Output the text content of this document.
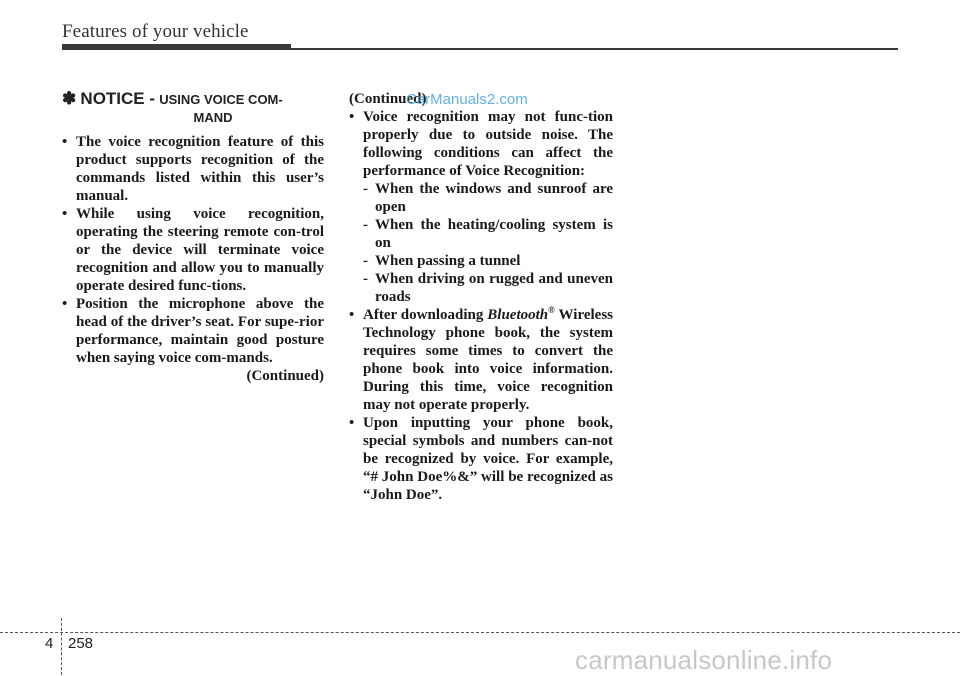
Features of your vehicle
✽ NOTICE - USING VOICE COM-
MAND
• The voice recognition feature of this product supports recognition of the commands listed within this user’s manual.
• While using voice recognition, operating the steering remote con-trol or the device will terminate voice recognition and allow you to manually operate desired func-tions.
• Position the microphone above the head of the driver’s seat. For supe-rior performance, maintain good posture when saying voice com-mands.
(Continued)
(Continued)
• Voice recognition may not func-tion properly due to outside noise. The following conditions can affect the performance of Voice Recognition:
- When the windows and sunroof are open
- When the heating/cooling system is on
- When passing a tunnel
- When driving on rugged and uneven roads
• After downloading Bluetooth® Wireless Technology phone book, the system requires some times to convert the phone book into voice information. During this time, voice recognition may not operate properly.
• Upon inputting your phone book, special symbols and numbers can-not be recognized by voice. For example, “# John Doe%&” will be recognized as “John Doe”.
CarManuals2.com
4 258
carmanualsonline.info
